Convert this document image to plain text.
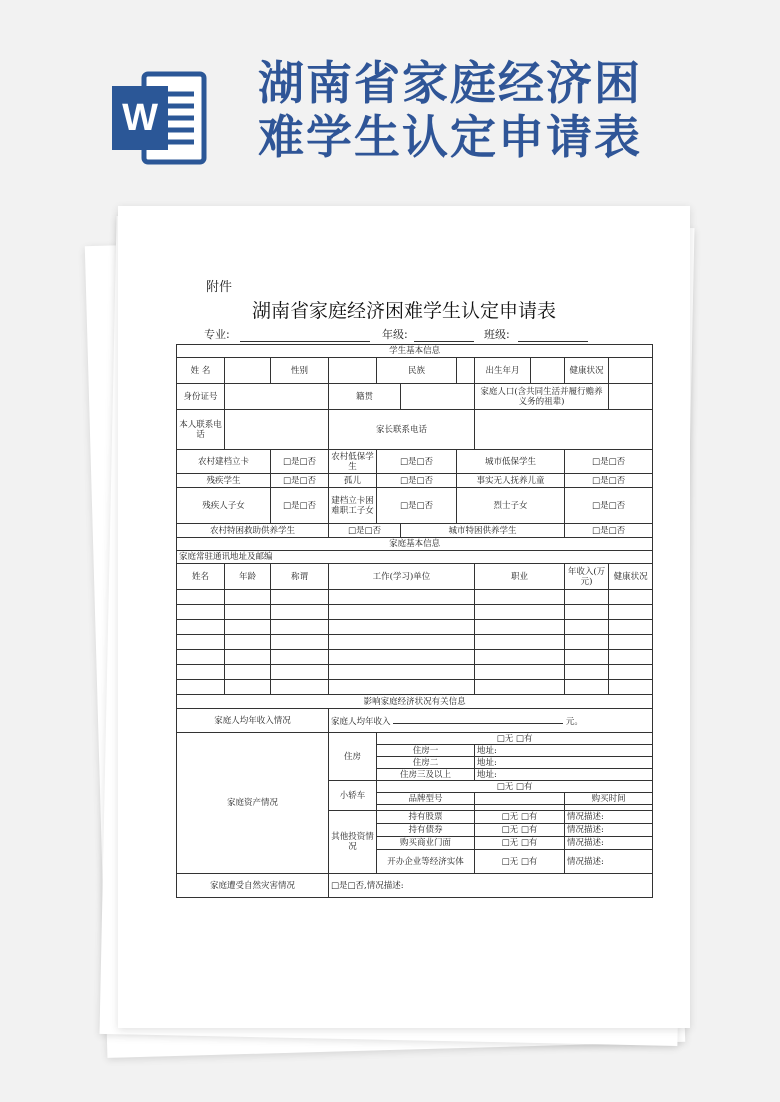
W
湖南省家庭经济困
难学生认定申请表
附件
湖南省家庭经济困难学生认定申请表
专业:	年级:	班级:
学生基本信息										
姓 名		性别		民族			出生年月		健康状况	
身份证号			籍贯				家庭人口(含共同生活并履行赡养义务的祖辈)			
本人联系电话			家长联系电话							
农村建档立卡		□是□否	农村低保学生	□是□否		城市低保学生			□是□否	
残疾学生		□是□否	孤儿	□是□否		事实无人抚养儿童			□是□否	
残疾人子女		□是□否	建档立卡困难职工子女	□是□否		烈士子女			□是□否	
农村特困救助供养学生			□是□否		城市特困供养学生				□是□否	
家庭基本信息										
家庭常驻通讯地址及邮编										
姓名	年龄	称谓	工作(学习)单位				职业		年收入(万元)	健康状况

影响家庭经济状况有关信息										
家庭人均年收入情况			家庭人均年收入 元。							
家庭资产情况			住房	□无 □有						
				住房一			地址:			
				住房二			地址:			
				住房三及以上			地址:			
			小轿车	□无 □有						
				品牌型号					购买时间	

			其他投资情 况	持有股票			□无 □有		情况描述:	
				持有债券			□无 □有		情况描述:	
				购买商业门面			□无 □有		情况描述:	
				开办企业等经济实体			□无 □有		情况描述:	
家庭遭受自然灾害情况			□是□否,情况描述:							
